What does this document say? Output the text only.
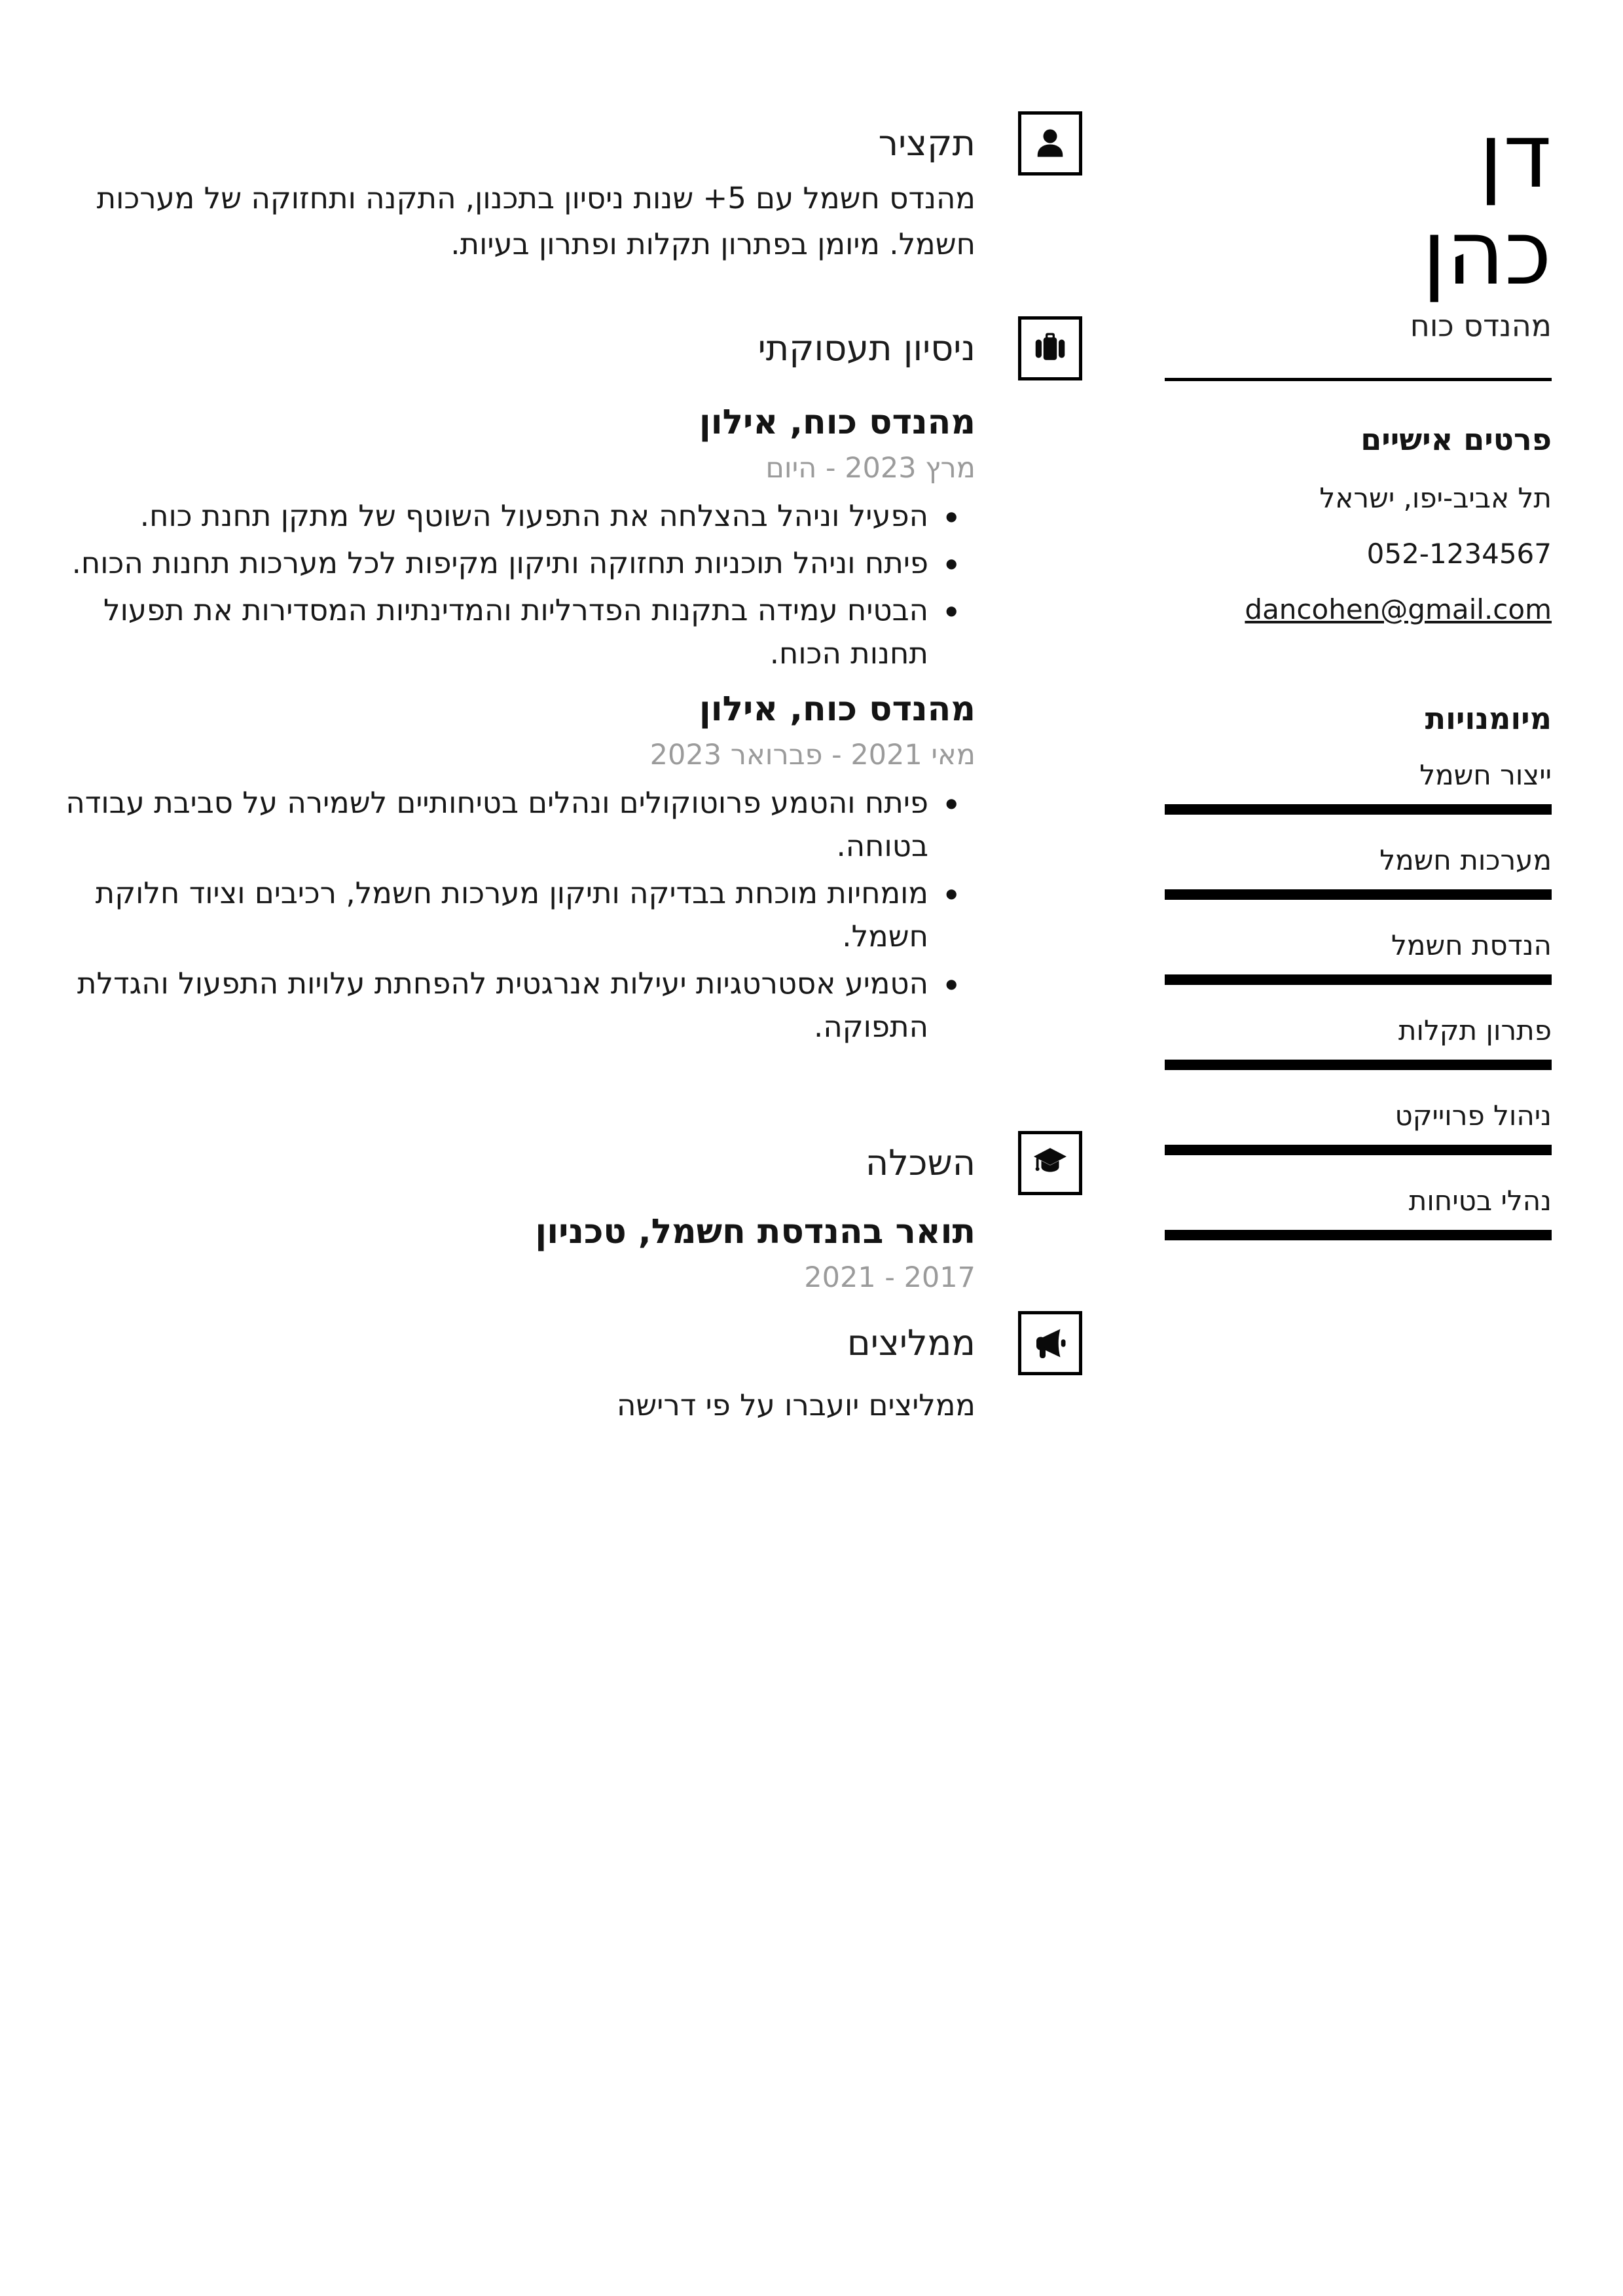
תקציר

מהנדס חשמל עם 5+ שנות ניסיון בתכנון, התקנה ותחזוקה של מערכות חשמל. מיומן בפתרון תקלות ופתרון בעיות.

ניסיון תעסוקתי
מהנדס כוח, אילון
מרץ 2023 - היום
● הפעיל וניהל בהצלחה את התפעול השוטף של מתקן תחנת כוח.
● פיתח וניהל תוכניות תחזוקה ותיקון מקיפות לכל מערכות תחנות הכוח.
● הבטיח עמידה בתקנות הפדרליות והמדינתיות המסדירות את תפעול תחנות הכוח.
מהנדס כוח, אילון
מאי 2021 - פברואר 2023
● פיתח והטמע פרוטוקולים ונהלים בטיחותיים לשמירה על סביבת עבודה בטוחה.
● מומחיות מוכחת בבדיקה ותיקון מערכות חשמל, רכיבים וציוד חלוקת חשמל.
● הטמיע אסטרטגיות יעילות אנרגטית להפחתת עלויות התפעול והגדלת התפוקה.
השכלה
תואר בהנדסת חשמל, טכניון
2017 - 2021
ממליצים

ממליצים יועברו על פי דרישה

דן
כהן
מהנדס כוח
פרטים אישיים

תל אביב-יפו, ישראל

052-1234567

dancohen@gmail.com

מיומנויות
ייצור חשמל
מערכות חשמל
הנדסת חשמל
פתרון תקלות
ניהול פרוייקט
נהלי בטיחות
